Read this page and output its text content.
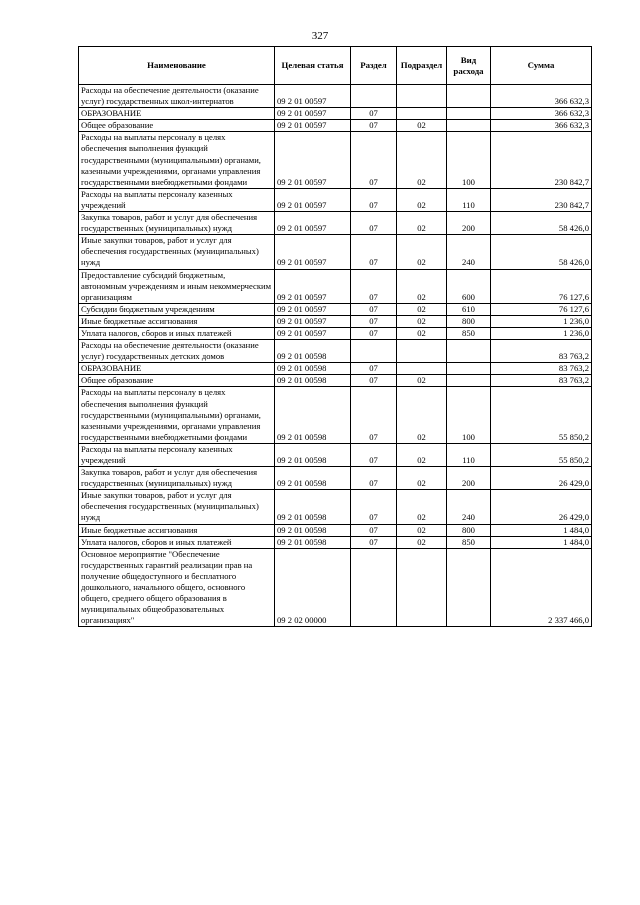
327
Наименование	Целевая статья	Раздел	Подраздел	Вид расхода	Сумма
Расходы на обеспечение деятельности (оказание услуг) государственных школ-интернатов	09 2 01 00597				366 632,3
ОБРАЗОВАНИЕ	09 2 01 00597	07			366 632,3
Общее образование	09 2 01 00597	07	02		366 632,3
Расходы на выплаты персоналу в целях обеспечения выполнения функций государственными (муниципальными) органами, казенными учреждениями, органами управления государственными внебюджетными фондами	09 2 01 00597	07	02	100	230 842,7
Расходы на выплаты персоналу казенных учреждений	09 2 01 00597	07	02	110	230 842,7
Закупка товаров, работ и услуг для обеспечения государственных (муниципальных) нужд	09 2 01 00597	07	02	200	58 426,0
Иные закупки товаров, работ и услуг для обеспечения государственных (муниципальных) нужд	09 2 01 00597	07	02	240	58 426,0
Предоставление субсидий бюджетным, автономным учреждениям и иным некоммерческим организациям	09 2 01 00597	07	02	600	76 127,6
Субсидии бюджетным учреждениям	09 2 01 00597	07	02	610	76 127,6
Иные бюджетные ассигнования	09 2 01 00597	07	02	800	1 236,0
Уплата налогов, сборов и иных платежей	09 2 01 00597	07	02	850	1 236,0
Расходы на обеспечение деятельности (оказание услуг) государственных детских домов	09 2 01 00598				83 763,2
ОБРАЗОВАНИЕ	09 2 01 00598	07			83 763,2
Общее образование	09 2 01 00598	07	02		83 763,2
Расходы на выплаты персоналу в целях обеспечения выполнения функций государственными (муниципальными) органами, казенными учреждениями, органами управления государственными внебюджетными фондами	09 2 01 00598	07	02	100	55 850,2
Расходы на выплаты персоналу казенных учреждений	09 2 01 00598	07	02	110	55 850,2
Закупка товаров, работ и услуг для обеспечения государственных (муниципальных) нужд	09 2 01 00598	07	02	200	26 429,0
Иные закупки товаров, работ и услуг для обеспечения государственных (муниципальных) нужд	09 2 01 00598	07	02	240	26 429,0
Иные бюджетные ассигнования	09 2 01 00598	07	02	800	1 484,0
Уплата налогов, сборов и иных платежей	09 2 01 00598	07	02	850	1 484,0
Основное мероприятие "Обеспечение государственных гарантий реализации прав на получение общедоступного и бесплатного дошкольного, начального общего, основного общего, среднего общего образования в муниципальных общеобразовательных организациях"	09 2 02 00000				2 337 466,0
